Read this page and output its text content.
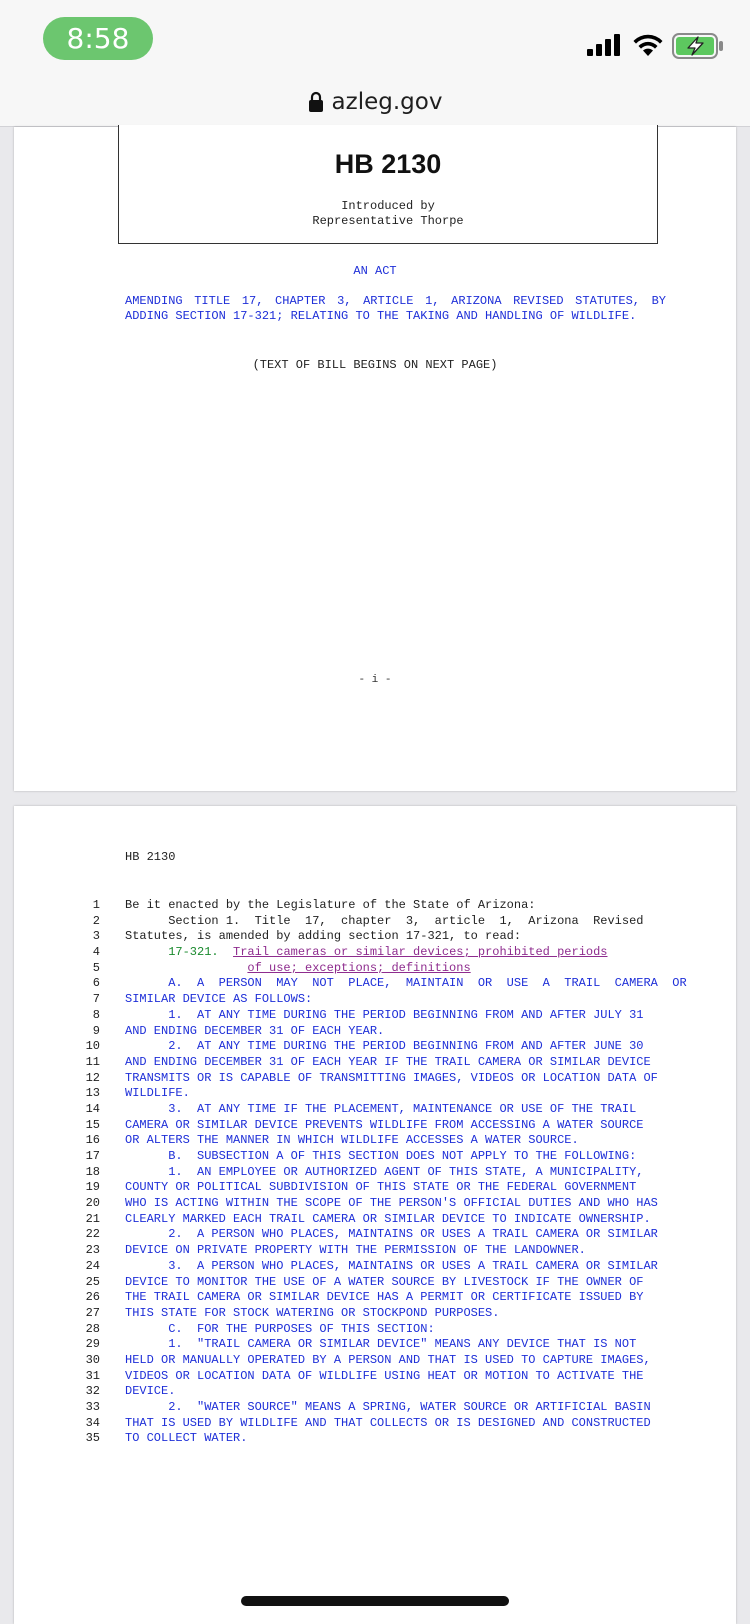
8:58
azleg.gov
HB 2130
Introduced by
Representative Thorpe
AN ACT
AMENDING TITLE 17, CHAPTER 3, ARTICLE 1, ARIZONA REVISED STATUTES, BY
ADDING SECTION 17-321; RELATING TO THE TAKING AND HANDLING OF WILDLIFE.
(TEXT OF BILL BEGINS ON NEXT PAGE)
- i -
HB 2130
1 Be it enacted by the Legislature of the State of Arizona:
2 Section 1.  Title  17,  chapter  3,  article  1,  Arizona  Revised
3 Statutes, is amended by adding section 17-321, to read:
4 17-321.  Trail cameras or similar devices; prohibited periods
5	of use; exceptions; definitions
6 A.  A  PERSON  MAY  NOT  PLACE,  MAINTAIN  OR  USE  A  TRAIL  CAMERA  OR
7 SIMILAR DEVICE AS FOLLOWS:
8 1.  AT ANY TIME DURING THE PERIOD BEGINNING FROM AND AFTER JULY 31
9 AND ENDING DECEMBER 31 OF EACH YEAR.
10 2.  AT ANY TIME DURING THE PERIOD BEGINNING FROM AND AFTER JUNE 30
11 AND ENDING DECEMBER 31 OF EACH YEAR IF THE TRAIL CAMERA OR SIMILAR DEVICE
12 TRANSMITS OR IS CAPABLE OF TRANSMITTING IMAGES, VIDEOS OR LOCATION DATA OF
13 WILDLIFE.
14 3.  AT ANY TIME IF THE PLACEMENT, MAINTENANCE OR USE OF THE TRAIL
15 CAMERA OR SIMILAR DEVICE PREVENTS WILDLIFE FROM ACCESSING A WATER SOURCE
16 OR ALTERS THE MANNER IN WHICH WILDLIFE ACCESSES A WATER SOURCE.
17 B.  SUBSECTION A OF THIS SECTION DOES NOT APPLY TO THE FOLLOWING:
18 1.  AN EMPLOYEE OR AUTHORIZED AGENT OF THIS STATE, A MUNICIPALITY,
19 COUNTY OR POLITICAL SUBDIVISION OF THIS STATE OR THE FEDERAL GOVERNMENT
20 WHO IS ACTING WITHIN THE SCOPE OF THE PERSON'S OFFICIAL DUTIES AND WHO HAS
21 CLEARLY MARKED EACH TRAIL CAMERA OR SIMILAR DEVICE TO INDICATE OWNERSHIP.
22 2.  A PERSON WHO PLACES, MAINTAINS OR USES A TRAIL CAMERA OR SIMILAR
23 DEVICE ON PRIVATE PROPERTY WITH THE PERMISSION OF THE LANDOWNER.
24 3.  A PERSON WHO PLACES, MAINTAINS OR USES A TRAIL CAMERA OR SIMILAR
25 DEVICE TO MONITOR THE USE OF A WATER SOURCE BY LIVESTOCK IF THE OWNER OF
26 THE TRAIL CAMERA OR SIMILAR DEVICE HAS A PERMIT OR CERTIFICATE ISSUED BY
27 THIS STATE FOR STOCK WATERING OR STOCKPOND PURPOSES.
28 C.  FOR THE PURPOSES OF THIS SECTION:
29 1.  "TRAIL CAMERA OR SIMILAR DEVICE" MEANS ANY DEVICE THAT IS NOT
30 HELD OR MANUALLY OPERATED BY A PERSON AND THAT IS USED TO CAPTURE IMAGES,
31 VIDEOS OR LOCATION DATA OF WILDLIFE USING HEAT OR MOTION TO ACTIVATE THE
32 DEVICE.
33 2.  "WATER SOURCE" MEANS A SPRING, WATER SOURCE OR ARTIFICIAL BASIN
34 THAT IS USED BY WILDLIFE AND THAT COLLECTS OR IS DESIGNED AND CONSTRUCTED
35 TO COLLECT WATER.
